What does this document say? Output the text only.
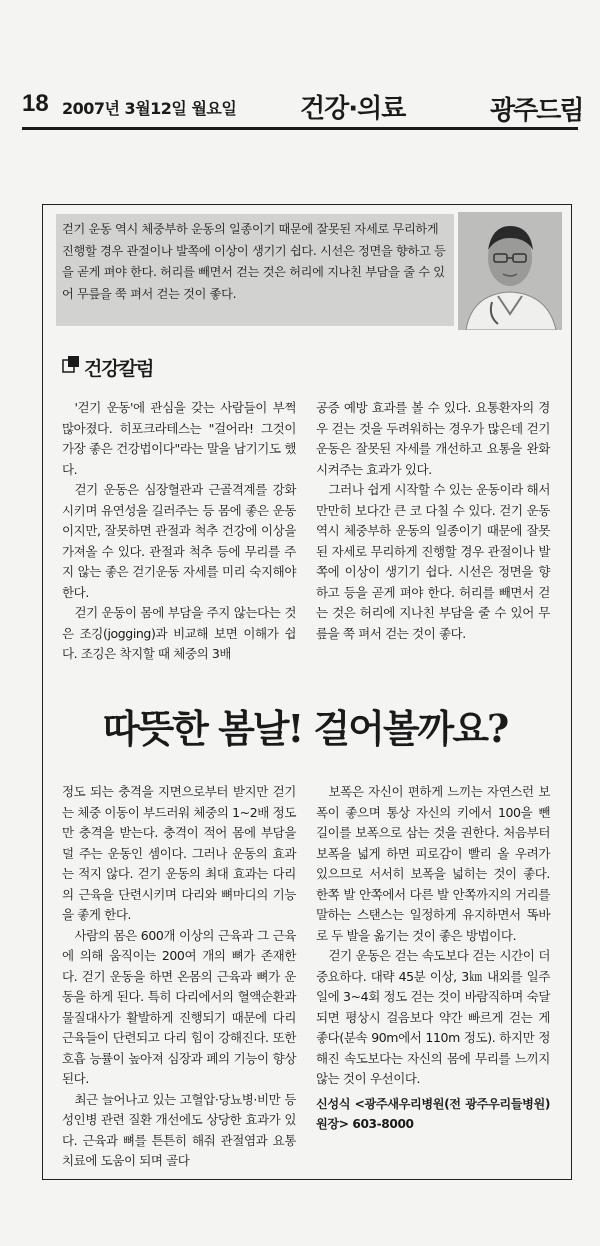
18 2007년 3월12일 월요일 건강·의료	광주드림

걷기 운동 역시 체중부하 운동의 일종이기 때문에 잘못된 자세로 무리하게 진행할 경우 관절이나 발쪽에 이상이 생기기 쉽다. 시선은 정면을 향하고 등을 곧게 펴야 한다. 허리를 빼면서 걷는 것은 허리에 지나친 부담을 줄 수 있어 무릎을 쭉 펴서 걷는 것이 좋다.

건강칼럼

'걷기 운동'에 관심을 갖는 사람들이 부쩍 많아졌다. 히포크라테스는 "걸어라! 그것이 가장 좋은 건강법이다"라는 말을 남기기도 했다.

걷기 운동은 심장혈관과 근골격계를 강화시키며 유연성을 길러주는 등 몸에 좋은 운동이지만, 잘못하면 관절과 척추 건강에 이상을 가져올 수 있다. 관절과 척추 등에 무리를 주지 않는 좋은 걷기운동 자세를 미리 숙지해야 한다.

걷기 운동이 몸에 부담을 주지 않는다는 것은 조깅(jogging)과 비교해 보면 이해가 쉽다. 조깅은 착지할 때 체중의 3배

공증 예방 효과를 볼 수 있다. 요통환자의 경우 걷는 것을 두려워하는 경우가 많은데 걷기 운동은 잘못된 자세를 개선하고 요통을 완화시켜주는 효과가 있다.

그러나 쉽게 시작할 수 있는 운동이라 해서 만만히 보다간 큰 코 다칠 수 있다. 걷기 운동 역시 체중부하 운동의 일종이기 때문에 잘못된 자세로 무리하게 진행할 경우 관절이나 발쪽에 이상이 생기기 쉽다. 시선은 정면을 향하고 등을 곧게 펴야 한다. 허리를 빼면서 걷는 것은 허리에 지나친 부담을 줄 수 있어 무릎을 쭉 펴서 걷는 것이 좋다.

따뜻한 봄날! 걸어볼까요?

정도 되는 충격을 지면으로부터 받지만 걷기는 체중 이동이 부드러워 체중의 1~2배 정도만 충격을 받는다. 충격이 적어 몸에 부담을 덜 주는 운동인 셈이다. 그러나 운동의 효과는 적지 않다. 걷기 운동의 최대 효과는 다리의 근육을 단련시키며 다리와 뼈마디의 기능을 좋게 한다.

사람의 몸은 600개 이상의 근육과 그 근육에 의해 움직이는 200여 개의 뼈가 존재한다. 걷기 운동을 하면 온몸의 근육과 뼈가 운동을 하게 된다. 특히 다리에서의 혈액순환과 물질대사가 활발하게 진행되기 때문에 다리 근육들이 단련되고 다리 힘이 강해진다. 또한 호흡 능률이 높아져 심장과 폐의 기능이 향상된다.

최근 늘어나고 있는 고혈압·당뇨병·비만 등 성인병 관련 질환 개선에도 상당한 효과가 있다. 근육과 뼈를 튼튼히 해줘 관절염과 요통치료에 도움이 되며 골다

보폭은 자신이 편하게 느끼는 자연스런 보폭이 좋으며 통상 자신의 키에서 100을 뺀 길이를 보폭으로 삼는 것을 권한다. 처음부터 보폭을 넓게 하면 피로감이 빨리 올 우려가 있으므로 서서히 보폭을 넓히는 것이 좋다. 한쪽 발 안쪽에서 다른 발 안쪽까지의 거리를 말하는 스탠스는 일정하게 유지하면서 똑바로 두 발을 옮기는 것이 좋은 방법이다.

걷기 운동은 걷는 속도보다 걷는 시간이 더 중요하다. 대략 45분 이상, 3㎞ 내외를 일주일에 3~4회 정도 걷는 것이 바람직하며 숙달되면 평상시 걸음보다 약간 빠르게 걷는 게 좋다(분속 90m에서 110m 정도). 하지만 정해진 속도보다는 자신의 몸에 무리를 느끼지 않는 것이 우선이다.

신성식 <광주새우리병원(전 광주우리들병원) 원장> 603-8000
